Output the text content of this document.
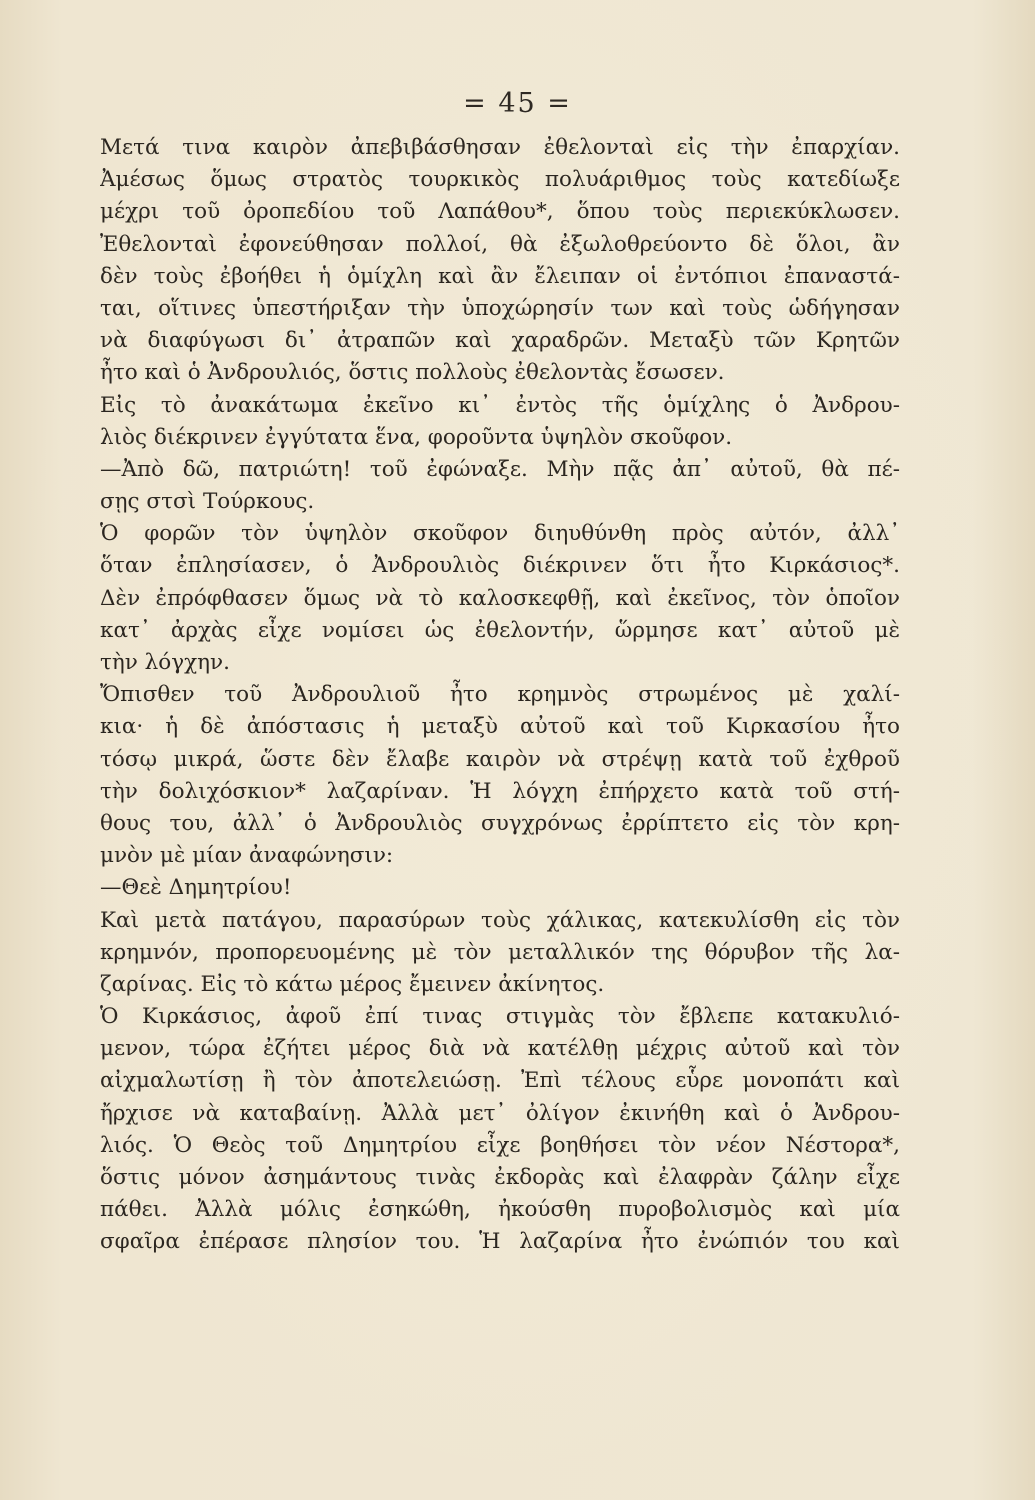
= 45 =
Μετά τινα καιρὸν ἀπεβιβάσθησαν ἐθελονταὶ εἰς τὴν ἐπαρχίαν.
Ἀμέσως ὅμως στρατὸς τουρκικὸς πολυάριθμος τοὺς κατεδίωξε
μέχρι τοῦ ὀροπεδίου τοῦ Λαπάθου*, ὅπου τοὺς περιεκύκλωσεν.
Ἐθελονταὶ ἐφονεύθησαν πολλοί, θὰ ἐξωλοθρεύοντο δὲ ὅλοι, ἂν
δὲν τοὺς ἐβοήθει ἡ ὁμίχλη καὶ ἂν ἔλειπαν οἱ ἐντόπιοι ἐπαναστά-
ται, οἵτινες ὑπεστήριξαν τὴν ὑποχώρησίν των καὶ τοὺς ὡδήγησαν
νὰ διαφύγωσι δι᾽ ἀτραπῶν καὶ χαραδρῶν. Μεταξὺ τῶν Κρητῶν
ἦτο καὶ ὁ Ἀνδρουλιός, ὅστις πολλοὺς ἐθελοντὰς ἔσωσεν.
Εἰς τὸ ἀνακάτωμα ἐκεῖνο κι᾽ ἐντὸς τῆς ὁμίχλης ὁ Ἀνδρου-
λιὸς διέκρινεν ἐγγύτατα ἕνα, φοροῦντα ὑψηλὸν σκοῦφον.
—Ἀπὸ δῶ, πατριώτη! τοῦ ἐφώναξε. Μὴν πᾷς ἀπ᾽ αὐτοῦ, θὰ πέ-
σῃς στσὶ Τούρκους.
Ὁ φορῶν τὸν ὑψηλὸν σκοῦφον διηυθύνθη πρὸς αὐτόν, ἀλλ᾽
ὅταν ἐπλησίασεν, ὁ Ἀνδρουλιὸς διέκρινεν ὅτι ἦτο Κιρκάσιος*.
Δὲν ἐπρόφθασεν ὅμως νὰ τὸ καλοσκεφθῇ, καὶ ἐκεῖνος, τὸν ὁποῖον
κατ᾽ ἀρχὰς εἶχε νομίσει ὡς ἐθελοντήν, ὥρμησε κατ᾽ αὐτοῦ μὲ
τὴν λόγχην.
Ὄπισθεν τοῦ Ἀνδρουλιοῦ ἦτο κρημνὸς στρωμένος μὲ χαλί-
κια· ἡ δὲ ἀπόστασις ἡ μεταξὺ αὐτοῦ καὶ τοῦ Κιρκασίου ἦτο
τόσῳ μικρά, ὥστε δὲν ἔλαβε καιρὸν νὰ στρέψῃ κατὰ τοῦ ἐχθροῦ
τὴν δολιχόσκιον* λαζαρίναν. Ἡ λόγχη ἐπήρχετο κατὰ τοῦ στή-
θους του, ἀλλ᾽ ὁ Ἀνδρουλιὸς συγχρόνως ἐρρίπτετο εἰς τὸν κρη-
μνὸν μὲ μίαν ἀναφώνησιν:
—Θεὲ Δημητρίου!
Καὶ μετὰ πατάγου, παρασύρων τοὺς χάλικας, κατεκυλίσθη εἰς τὸν
κρημνόν, προπορευομένης μὲ τὸν μεταλλικόν της θόρυβον τῆς λα-
ζαρίνας. Εἰς τὸ κάτω μέρος ἔμεινεν ἀκίνητος.
Ὁ Κιρκάσιος, ἀφοῦ ἐπί τινας στιγμὰς τὸν ἔβλεπε κατακυλιό-
μενον, τώρα ἐζήτει μέρος διὰ νὰ κατέλθῃ μέχρις αὐτοῦ καὶ τὸν
αἰχμαλωτίσῃ ἢ τὸν ἀποτελειώσῃ. Ἐπὶ τέλους εὗρε μονοπάτι καὶ
ἤρχισε νὰ καταβαίνῃ. Ἀλλὰ μετ᾽ ὀλίγον ἐκινήθη καὶ ὁ Ἀνδρου-
λιός. Ὁ Θεὸς τοῦ Δημητρίου εἶχε βοηθήσει τὸν νέον Νέστορα*,
ὅστις μόνον ἀσημάντους τινὰς ἐκδορὰς καὶ ἐλαφρὰν ζάλην εἶχε
πάθει. Ἀλλὰ μόλις ἐσηκώθη, ἠκούσθη πυροβολισμὸς καὶ μία
σφαῖρα ἐπέρασε πλησίον του. Ἡ λαζαρίνα ἦτο ἐνώπιόν του καὶ
